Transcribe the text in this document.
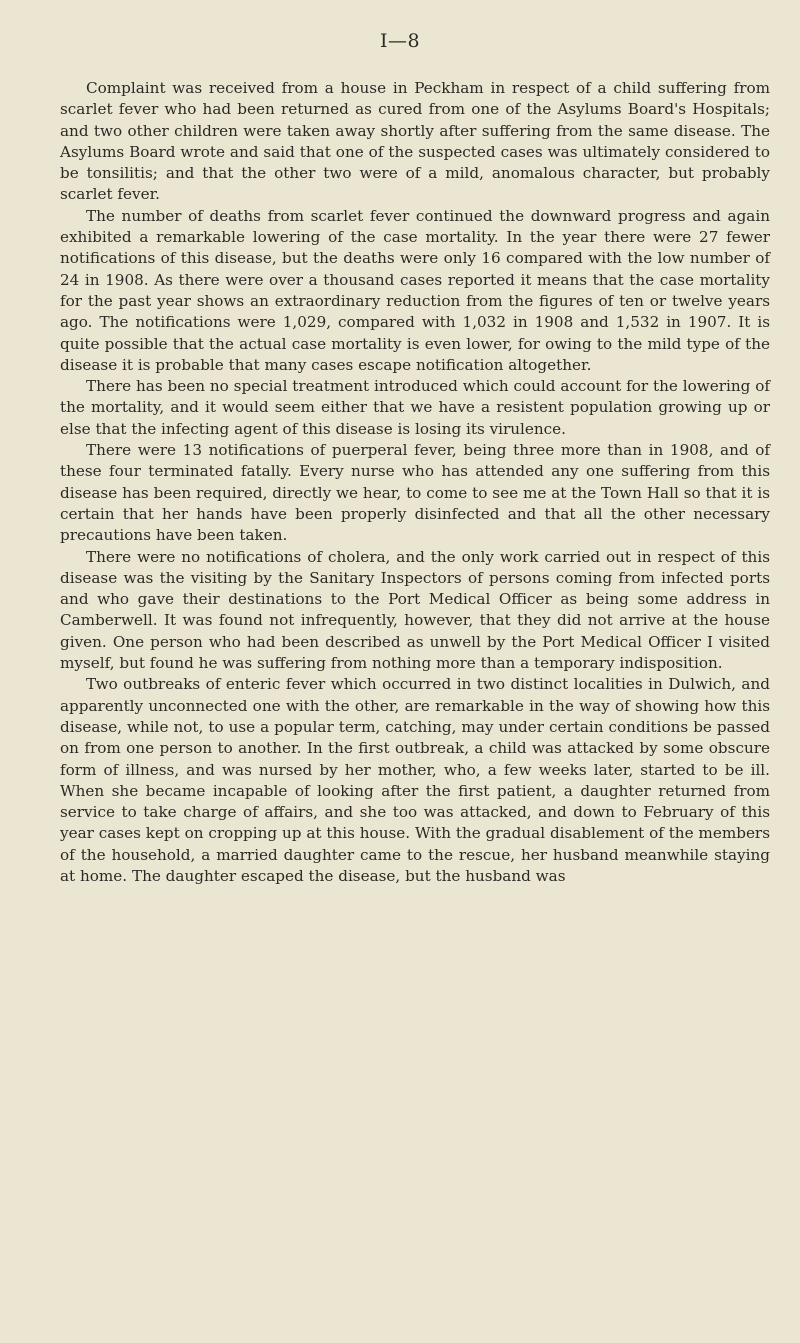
I—8

Complaint was received from a house in Peckham in respect of a child suffering from scarlet fever who had been returned as cured from one of the Asylums Board's Hospitals; and two other children were taken away shortly after suffering from the same disease. The Asylums Board wrote and said that one of the suspected cases was ultimately considered to be tonsilitis; and that the other two were of a mild, anomalous character, but probably scarlet fever.

The number of deaths from scarlet fever continued the downward progress and again exhibited a remarkable lowering of the case mortality. In the year there were 27 fewer notifications of this disease, but the deaths were only 16 compared with the low number of 24 in 1908. As there were over a thousand cases reported it means that the case mortality for the past year shows an extraordinary reduction from the figures of ten or twelve years ago. The notifications were 1,029, compared with 1,032 in 1908 and 1,532 in 1907. It is quite possible that the actual case mortality is even lower, for owing to the mild type of the disease it is probable that many cases escape notification altogether.

There has been no special treatment introduced which could account for the lowering of the mortality, and it would seem either that we have a resistent population growing up or else that the infecting agent of this disease is losing its virulence.

There were 13 notifications of puerperal fever, being three more than in 1908, and of these four terminated fatally. Every nurse who has attended any one suffering from this disease has been required, directly we hear, to come to see me at the Town Hall so that it is certain that her hands have been properly disinfected and that all the other necessary precautions have been taken.

There were no notifications of cholera, and the only work carried out in respect of this disease was the visiting by the Sanitary Inspectors of persons coming from infected ports and who gave their destinations to the Port Medical Officer as being some address in Camberwell. It was found not infrequently, however, that they did not arrive at the house given. One person who had been described as unwell by the Port Medical Officer I visited myself, but found he was suffering from nothing more than a temporary indisposition.

Two outbreaks of enteric fever which occurred in two distinct localities in Dulwich, and apparently unconnected one with the other, are remarkable in the way of showing how this disease, while not, to use a popular term, catching, may under certain conditions be passed on from one person to another. In the first outbreak, a child was attacked by some obscure form of illness, and was nursed by her mother, who, a few weeks later, started to be ill. When she became incapable of looking after the first patient, a daughter returned from service to take charge of affairs, and she too was attacked, and down to February of this year cases kept on cropping up at this house. With the gradual disablement of the members of the household, a married daughter came to the rescue, her husband meanwhile staying at home. The daughter escaped the disease, but the husband was
